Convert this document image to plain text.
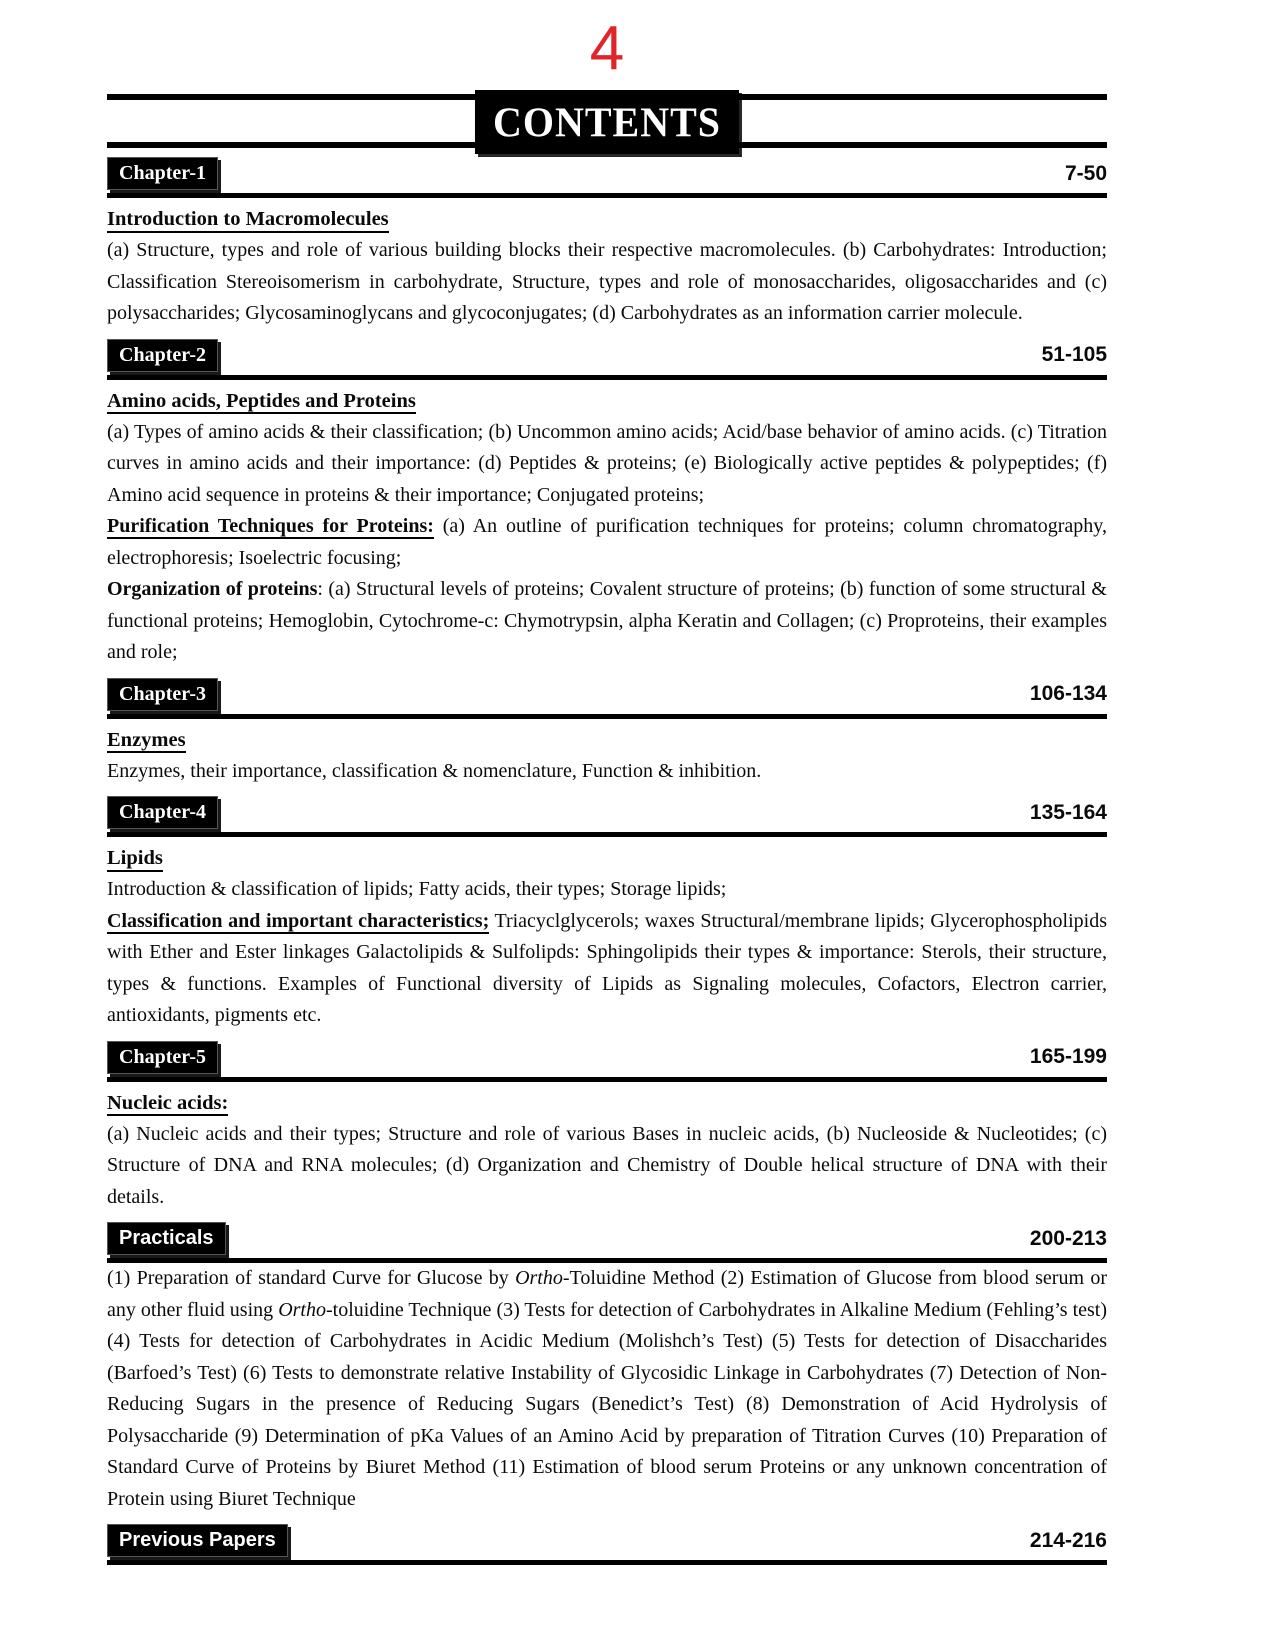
4
CONTENTS
Chapter-1	7-50

Introduction to Macromolecules

(a) Structure, types and role of various building blocks their respective macromolecules. (b) Carbohydrates: Introduction; Classification Stereoisomerism in carbohydrate, Structure, types and role of monosaccharides, oligosaccharides and (c) polysaccharides; Glycosaminoglycans and glycoconjugates; (d) Carbohydrates as an information carrier molecule.

Chapter-2	51-105

Amino acids, Peptides and Proteins

(a) Types of amino acids & their classification; (b) Uncommon amino acids; Acid/base behavior of amino acids. (c) Titration curves in amino acids and their importance: (d) Peptides & proteins; (e) Biologically active peptides & polypeptides; (f) Amino acid sequence in proteins & their importance; Conjugated proteins;

Purification Techniques for Proteins: (a) An outline of purification techniques for proteins; column chromatography, electrophoresis; Isoelectric focusing;

Organization of proteins: (a) Structural levels of proteins; Covalent structure of proteins; (b) function of some structural & functional proteins; Hemoglobin, Cytochrome-c: Chymotrypsin, alpha Keratin and Collagen; (c) Proproteins, their examples and role;

Chapter-3	106-134

Enzymes

Enzymes, their importance, classification & nomenclature, Function & inhibition.

Chapter-4	135-164

Lipids

Introduction & classification of lipids; Fatty acids, their types; Storage lipids;

Classification and important characteristics; Triacyclglycerols; waxes Structural/membrane lipids; Glycerophospholipids with Ether and Ester linkages Galactolipids & Sulfolipds: Sphingolipids their types & importance: Sterols, their structure, types & functions. Examples of Functional diversity of Lipids as Signaling molecules, Cofactors, Electron carrier, antioxidants, pigments etc.

Chapter-5	165-199

Nucleic acids:

(a) Nucleic acids and their types; Structure and role of various Bases in nucleic acids, (b) Nucleoside & Nucleotides; (c) Structure of DNA and RNA molecules; (d) Organization and Chemistry of Double helical structure of DNA with their details.

Practicals	200-213

(1) Preparation of standard Curve for Glucose by Ortho-Toluidine Method (2) Estimation of Glucose from blood serum or any other fluid using Ortho-toluidine Technique (3) Tests for detection of Carbohydrates in Alkaline Medium (Fehling’s test) (4) Tests for detection of Carbohydrates in Acidic Medium (Molishch’s Test) (5) Tests for detection of Disaccharides (Barfoed’s Test) (6) Tests to demonstrate relative Instability of Glycosidic Linkage in Carbohydrates (7) Detection of Non-Reducing Sugars in the presence of Reducing Sugars (Benedict’s Test) (8) Demonstration of Acid Hydrolysis of Polysaccharide (9) Determination of pKa Values of an Amino Acid by preparation of Titration Curves (10) Preparation of Standard Curve of Proteins by Biuret Method (11) Estimation of blood serum Proteins or any unknown concentration of Protein using Biuret Technique

Previous Papers	214-216
